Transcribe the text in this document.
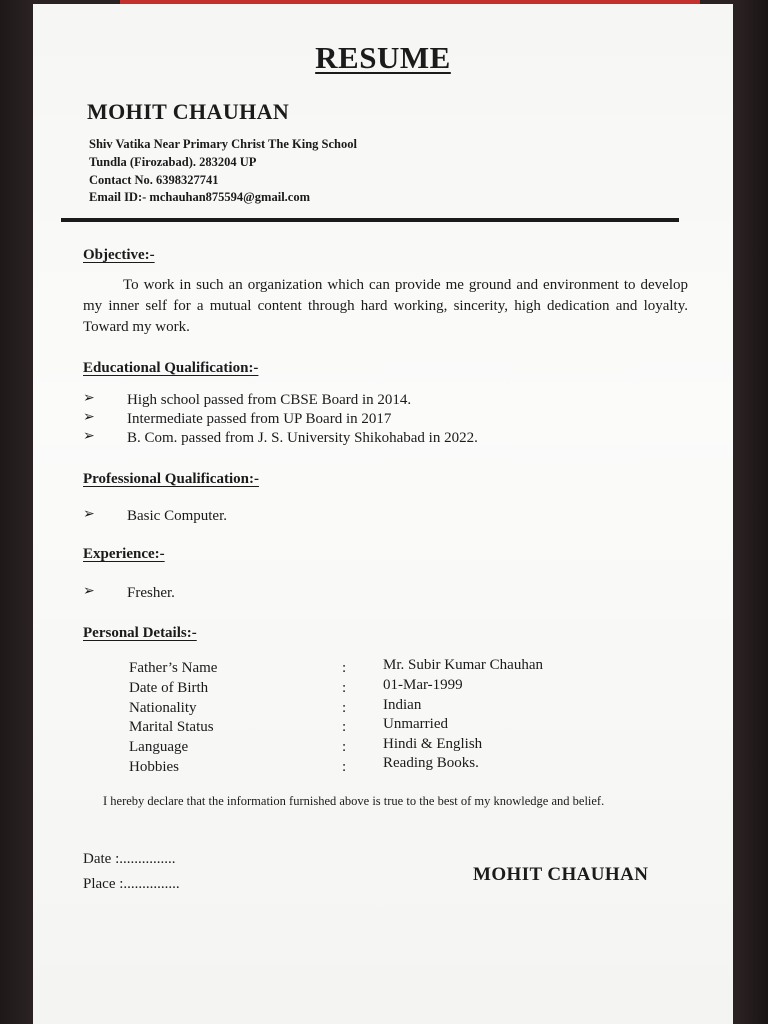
RESUME
MOHIT CHAUHAN
Shiv Vatika Near Primary Christ The King School
Tundla (Firozabad). 283204 UP
Contact No. 6398327741
Email ID:- mchauhan875594@gmail.com
Objective:-
To work in such an organization which can provide me ground and environment to develop my inner self for a mutual content through hard working, sincerity, high dedication and loyalty. Toward my work.
Educational Qualification:-
➢ High school passed from CBSE Board in 2014.
➢ Intermediate passed from UP Board in 2017
➢ B. Com. passed from J. S. University Shikohabad in 2022.
Professional Qualification:-
➢ Basic Computer.
Experience:-
➢ Fresher.
Personal Details:-
Father’s Name	: Mr. Subir Kumar Chauhan
Date of Birth	: 01-Mar-1999
Nationality	: Indian
Marital Status	: Unmarried
Language	: Hindi & English
Hobbies	: Reading Books.
I hereby declare that the information furnished above is true to the best of my knowledge and belief.
Date :...............
Place :...............	MOHIT CHAUHAN
